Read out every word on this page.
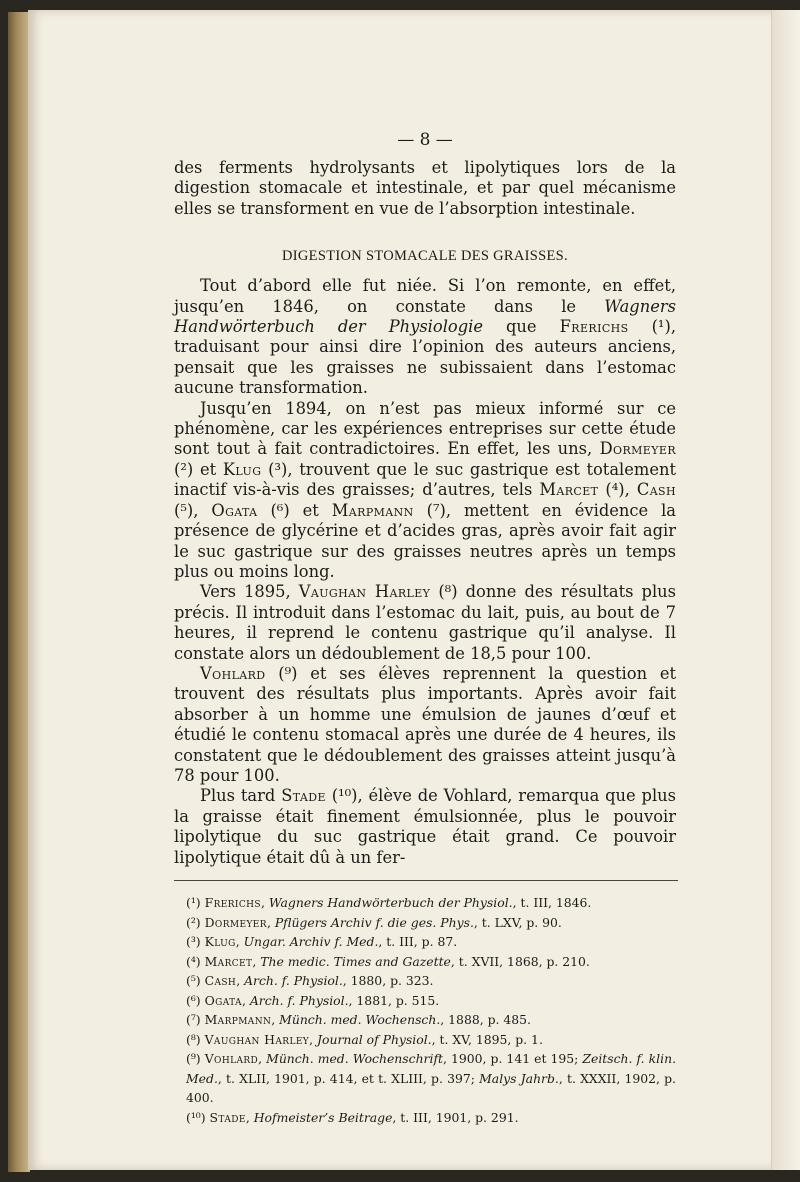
— 8 —

des ferments hydrolysants et lipolytiques lors de la digestion stomacale et intestinale, et par quel mécanisme elles se transforment en vue de l’absorption intestinale.

DIGESTION STOMACALE DES GRAISSES.

Tout d’abord elle fut niée. Si l’on remonte, en effet, jusqu’en 1846, on constate dans le Wagners Handwörterbuch der Physiologie que Frerichs (¹), traduisant pour ainsi dire l’opinion des auteurs anciens, pensait que les graisses ne subissaient dans l’estomac aucune transformation.

Jusqu’en 1894, on n’est pas mieux informé sur ce phénomène, car les expériences entreprises sur cette étude sont tout à fait contradictoires. En effet, les uns, Dormeyer (²) et Klug (³), trouvent que le suc gastrique est totalement inactif vis-à-vis des graisses; d’autres, tels Marcet (⁴), Cash (⁵), Ogata (⁶) et Marpmann (⁷), mettent en évidence la présence de glycérine et d’acides gras, après avoir fait agir le suc gastrique sur des graisses neutres après un temps plus ou moins long.

Vers 1895, Vaughan Harley (⁸) donne des résultats plus précis. Il introduit dans l’estomac du lait, puis, au bout de 7 heures, il reprend le contenu gastrique qu’il analyse. Il constate alors un dédoublement de 18,5 pour 100.

Vohlard (⁹) et ses élèves reprennent la question et trouvent des résultats plus importants. Après avoir fait absorber à un homme une émulsion de jaunes d’œuf et étudié le contenu stomacal après une durée de 4 heures, ils constatent que le dédoublement des graisses atteint jusqu’à 78 pour 100.

Plus tard Stade (¹⁰), élève de Vohlard, remarqua que plus la graisse était finement émulsionnée, plus le pouvoir lipolytique du suc gastrique était grand. Ce pouvoir lipolytique était dû à un fer-

(¹) Frerichs, Wagners Handwörterbuch der Physiol., t. III, 1846.

(²) Dormeyer, Pflügers Archiv f. die ges. Phys., t. LXV, p. 90.

(³) Klug, Ungar. Archiv f. Med., t. III, p. 87.

(⁴) Marcet, The medic. Times and Gazette, t. XVII, 1868, p. 210.

(⁵) Cash, Arch. f. Physiol., 1880, p. 323.

(⁶) Ogata, Arch. f. Physiol., 1881, p. 515.

(⁷) Marpmann, Münch. med. Wochensch., 1888, p. 485.

(⁸) Vaughan Harley, Journal of Physiol., t. XV, 1895, p. 1.

(⁹) Vohlard, Münch. med. Wochenschrift, 1900, p. 141 et 195; Zeitsch. f. klin. Med., t. XLII, 1901, p. 414, et t. XLIII, p. 397; Malys Jahrb., t. XXXII, 1902, p. 400.

(¹⁰) Stade, Hofmeister’s Beitrage, t. III, 1901, p. 291.
